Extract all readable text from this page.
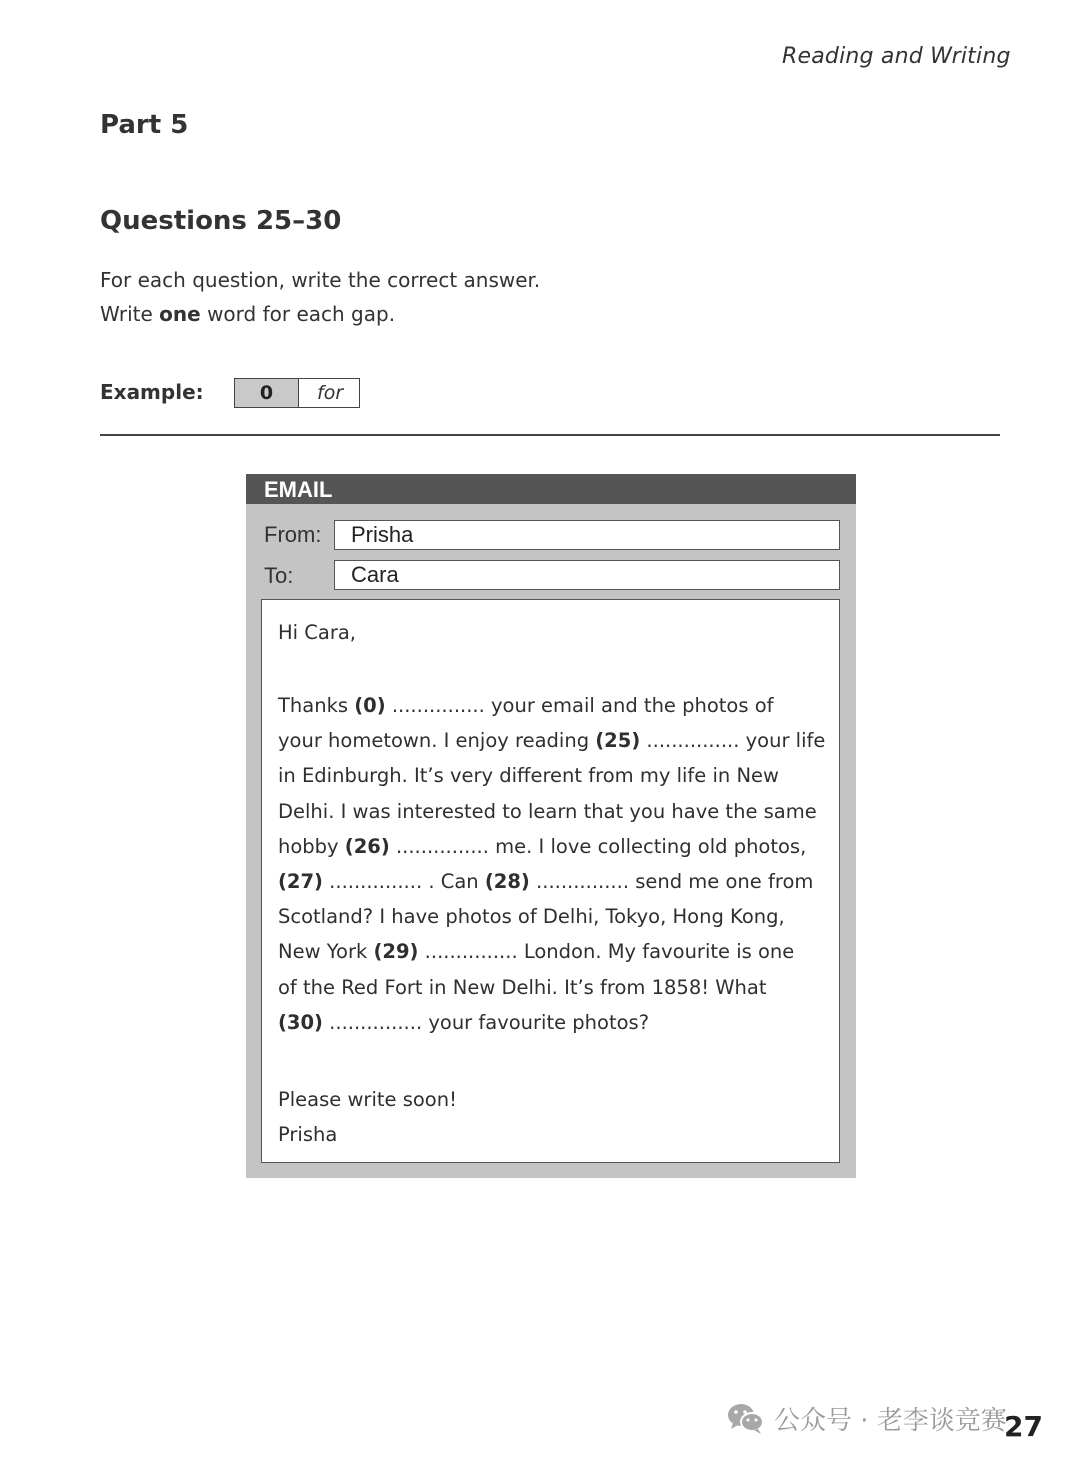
Reading and Writing
Part 5
Questions 25–30
For each question, write the correct answer.
Write one word for each gap.
Example:	0	for
EMAIL
From:	Prisha
To:	Cara
Hi Cara,
Thanks (0) ............... your email and the photos of
your hometown. I enjoy reading (25) ............... your life
in Edinburgh. It’s very different from my life in New
Delhi. I was interested to learn that you have the same
hobby (26) ............... me. I love collecting old photos,
(27) ............... . Can (28) ............... send me one from
Scotland? I have photos of Delhi, Tokyo, Hong Kong,
New York (29) ............... London. My favourite is one
of the Red Fort in New Delhi. It’s from 1858! What
(30) ............... your favourite photos?
Please write soon!
Prisha
公众号 · 老李谈竞赛
27
